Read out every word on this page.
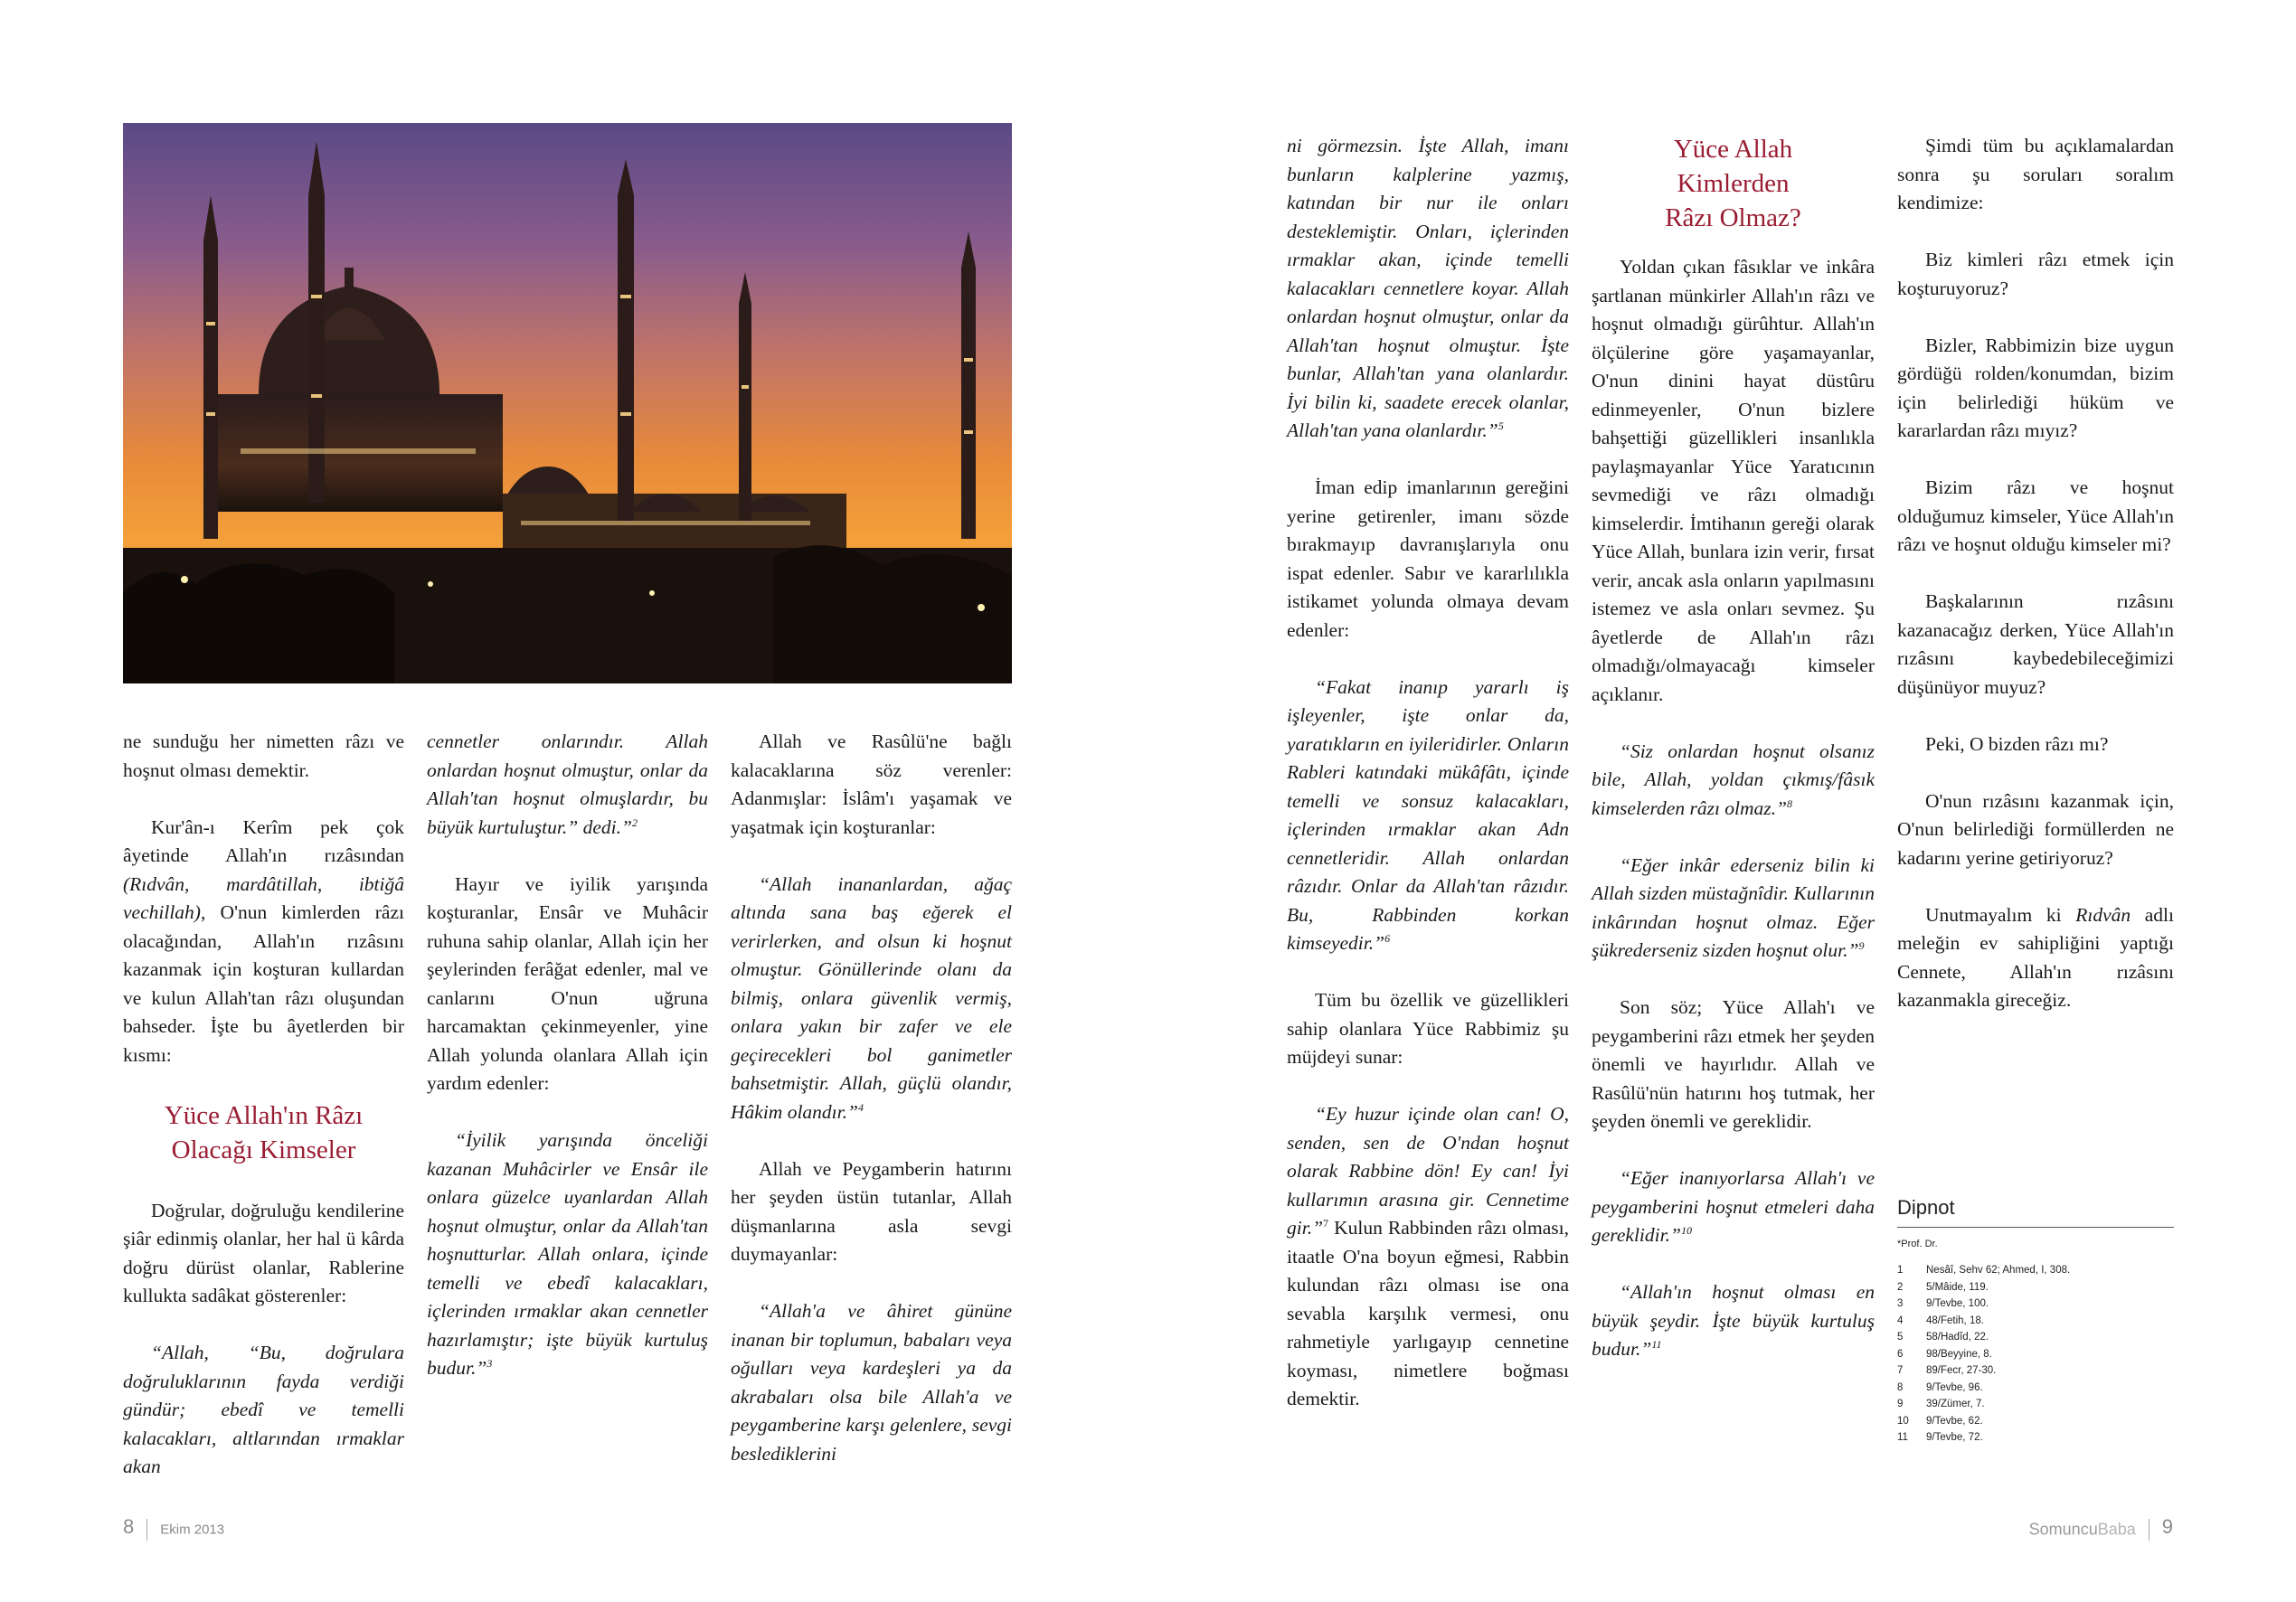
ne sunduğu her nimetten râzı ve hoşnut olması demektir.

Kur'ân-ı Kerîm pek çok âyetinde Allah'ın rızâsından (Rıdvân, mardâtillah, ibtiğâ vechillah), O'nun kimlerden râzı olacağından, Allah'ın rızâsını kazanmak için koşturan kullardan ve kulun Allah'tan râzı oluşundan bahseder. İşte bu âyetlerden bir kısmı:

Yüce Allah'ın Râzı
Olacağı Kimseler

Doğrular, doğruluğu kendilerine şiâr edinmiş olanlar, her hal ü kârda doğru dürüst olanlar, Rablerine kullukta sadâkat gösterenler:

“Allah, “Bu, doğrulara doğruluklarının fayda verdiği gündür; ebedî ve temelli kalacakları, altlarından ırmaklar akan

cennetler onlarındır. Allah onlardan hoşnut olmuştur, onlar da Allah'tan hoşnut olmuşlardır, bu büyük kurtuluştur.” dedi.”$^2$

Hayır ve iyilik yarışında koşturanlar, Ensâr ve Muhâcir ruhuna sahip olanlar, Allah için her şeylerinden ferâğat edenler, mal ve canlarını O'nun uğruna harcamaktan çekinmeyenler, yine Allah yolunda olanlara Allah için yardım edenler:

“İyilik yarışında önceliği kazanan Muhâcirler ve Ensâr ile onlara güzelce uyanlardan Allah hoşnut olmuştur, onlar da Allah'tan hoşnutturlar. Allah onlara, içinde temelli ve ebedî kalacakları, içlerinden ırmaklar akan cennetler hazırlamıştır; işte büyük kurtuluş budur.”$^3$

Allah ve Rasûlü'ne bağlı kalacaklarına söz verenler: Adanmışlar: İslâm'ı yaşamak ve yaşatmak için koşturanlar:

“Allah inananlardan, ağaç altında sana baş eğerek el verirlerken, and olsun ki hoşnut olmuştur. Gönüllerinde olanı da bilmiş, onlara güvenlik vermiş, onlara yakın bir zafer ve ele geçirecekleri bol ganimetler bahsetmiştir. Allah, güçlü olandır, Hâkim olandır.”$^4$

Allah ve Peygamberin hatırını her şeyden üstün tutanlar, Allah düşmanlarına asla sevgi duymayanlar:

“Allah'a ve âhiret gününe inanan bir toplumun, babaları veya oğulları veya kardeşleri ya da akrabaları olsa bile Allah'a ve peygamberine karşı gelenlere, sevgi beslediklerini

ni görmezsin. İşte Allah, imanı bunların kalplerine yazmış, katından bir nur ile onları desteklemiştir. Onları, içlerinden ırmaklar akan, içinde temelli kalacakları cennetlere koyar. Allah onlardan hoşnut olmuştur, onlar da Allah'tan hoşnut olmuştur. İşte bunlar, Allah'tan yana olanlardır. İyi bilin ki, saadete erecek olanlar, Allah'tan yana olanlardır.”$^5$

İman edip imanlarının gereğini yerine getirenler, imanı sözde bırakmayıp davranışlarıyla onu ispat edenler. Sabır ve kararlılıkla istikamet yolunda olmaya devam edenler:

“Fakat inanıp yararlı iş işleyenler, işte onlar da, yaratıkların en iyileridirler. Onların Rableri katındaki mükâfâtı, içinde temelli ve sonsuz kalacakları, içlerinden ırmaklar akan Adn cennetleridir. Allah onlardan râzıdır. Onlar da Allah'tan râzıdır. Bu, Rabbinden korkan kimseyedir.”$^6$

Tüm bu özellik ve güzellikleri sahip olanlara Yüce Rabbimiz şu müjdeyi sunar:

“Ey huzur içinde olan can! O, senden, sen de O'ndan hoşnut olarak Rabbine dön! Ey can! İyi kullarımın arasına gir. Cennetime gir.”$^7$ Kulun Rabbinden râzı olması, itaatle O'na boyun eğmesi, Rabbin kulundan râzı olması ise ona sevabla karşılık vermesi, onu rahmetiyle yarlıgayıp cennetine koyması, nimetlere boğması demektir.

Yüce Allah
Kimlerden
Râzı Olmaz?

Yoldan çıkan fâsıklar ve inkâra şartlanan münkirler Allah'ın râzı ve hoşnut olmadığı gürûhtur. Allah'ın ölçülerine göre yaşamayanlar, O'nun dinini hayat düstûru edinmeyenler, O'nun bizlere bahşettiği güzellikleri insanlıkla paylaşmayanlar Yüce Yaratıcının sevmediği ve râzı olmadığı kimselerdir. İmtihanın gereği olarak Yüce Allah, bunlara izin verir, fırsat verir, ancak asla onların yapılmasını istemez ve asla onları sevmez. Şu âyetlerde de Allah'ın râzı olmadığı/olmayacağı kimseler açıklanır.

“Siz onlardan hoşnut olsanız bile, Allah, yoldan çıkmış/fâsık kimselerden râzı olmaz.”$^8$

“Eğer inkâr ederseniz bilin ki Allah sizden müstağnîdir. Kullarının inkârından hoşnut olmaz. Eğer şükrederseniz sizden hoşnut olur.”$^9$

Son söz; Yüce Allah'ı ve peygamberini râzı etmek her şeyden önemli ve hayırlıdır. Allah ve Rasûlü'nün hatırını hoş tutmak, her şeyden önemli ve gereklidir.

“Eğer inanıyorlarsa Allah'ı ve peygamberini hoşnut etmeleri daha gereklidir.”$^{10}$

“Allah'ın hoşnut olması en büyük şeydir. İşte büyük kurtuluş budur.”$^{11}$

Şimdi tüm bu açıklamalardan sonra şu soruları soralım kendimize:

Biz kimleri râzı etmek için koşturuyoruz?

Bizler, Rabbimizin bize uygun gördüğü rolden/konumdan, bizim için belirlediği hüküm ve kararlardan râzı mıyız?

Bizim râzı ve hoşnut olduğumuz kimseler, Yüce Allah'ın râzı ve hoşnut olduğu kimseler mi?

Başkalarının rızâsını kazanacağız derken, Yüce Allah'ın rızâsını kaybedebileceğimizi düşünüyor muyuz?

Peki, O bizden râzı mı?

O'nun rızâsını kazanmak için, O'nun belirlediği formüllerden ne kadarını yerine getiriyoruz?

Unutmayalım ki Rıdvân adlı meleğin ev sahipliğini yaptığı Cennete, Allah'ın rızâsını kazanmakla gireceğiz.

Dipnot
*Prof. Dr.
1	Nesâî, Sehv 62; Ahmed, I, 308.
2	5/Mâide, 119.
3	9/Tevbe, 100.
4	48/Fetih, 18.
5	58/Hadîd, 22.
6	98/Beyyine, 8.
7	89/Fecr, 27-30.
8	9/Tevbe, 96.
9	39/Zümer, 7.
10	9/Tevbe, 62.
11	9/Tevbe, 72.
8 Ekim 2013	SomuncuBaba 9
